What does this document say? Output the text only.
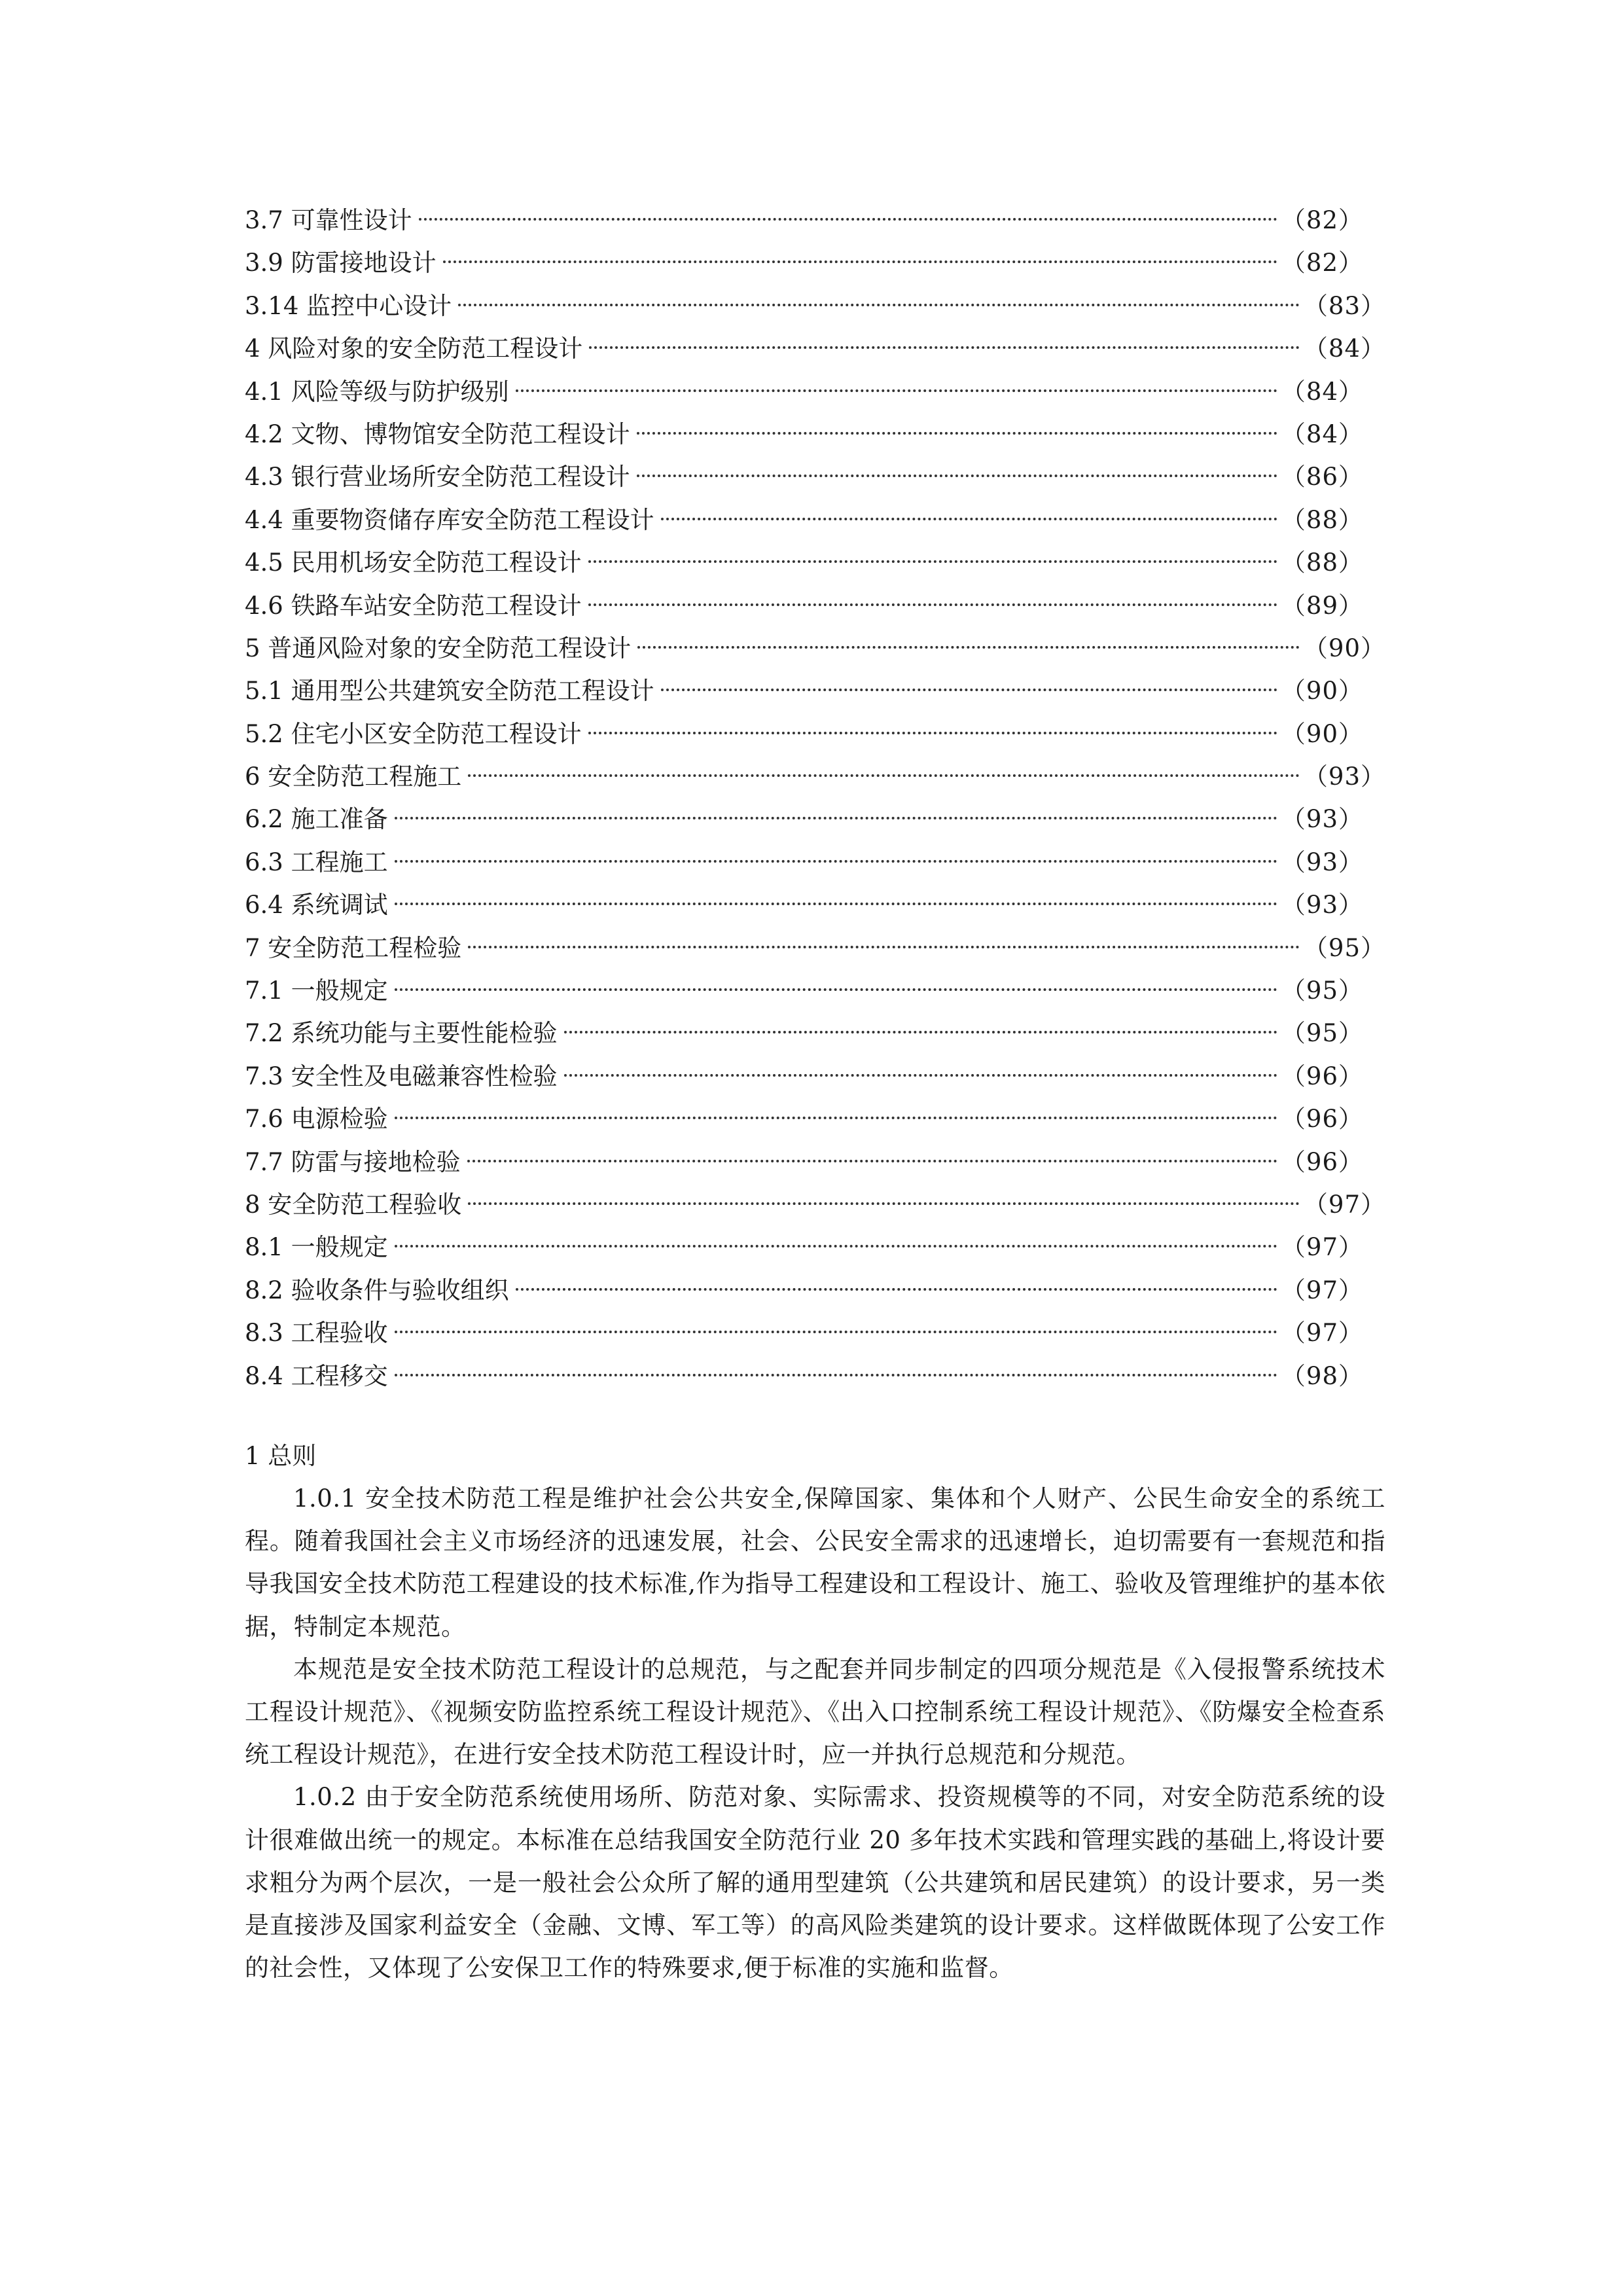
3.7 可靠性设计	（82）
3.9 防雷接地设计	（82）
3.14 监控中心设计	（83）
4 风险对象的安全防范工程设计	（84）
4.1 风险等级与防护级别	（84）
4.2 文物、博物馆安全防范工程设计	（84）
4.3 银行营业场所安全防范工程设计	（86）
4.4 重要物资储存库安全防范工程设计	（88）
4.5 民用机场安全防范工程设计	（88）
4.6 铁路车站安全防范工程设计	（89）
5 普通风险对象的安全防范工程设计	（90）
5.1 通用型公共建筑安全防范工程设计	（90）
5.2 住宅小区安全防范工程设计	（90）
6 安全防范工程施工	（93）
6.2 施工准备	（93）
6.3 工程施工	（93）
6.4 系统调试	（93）
7 安全防范工程检验	（95）
7.1 一般规定	（95）
7.2 系统功能与主要性能检验	（95）
7.3 安全性及电磁兼容性检验	（96）
7.6 电源检验	（96）
7.7 防雷与接地检验	（96）
8 安全防范工程验收	（97）
8.1 一般规定	（97）
8.2 验收条件与验收组织	（97）
8.3 工程验收	（97）
8.4 工程移交	（98）
1 总则

1.0.1 安全技术防范工程是维护社会公共安全,保障国家、集体和个人财产、公民生命安全的系统工程。随着我国社会主义市场经济的迅速发展，社会、公民安全需求的迅速增长，迫切需要有一套规范和指导我国安全技术防范工程建设的技术标准,作为指导工程建设和工程设计、施工、验收及管理维护的基本依据，特制定本规范。

本规范是安全技术防范工程设计的总规范，与之配套并同步制定的四项分规范是《入侵报警系统技术工程设计规范》、《视频安防监控系统工程设计规范》、《出入口控制系统工程设计规范》、《防爆安全检查系统工程设计规范》，在进行安全技术防范工程设计时，应一并执行总规范和分规范。

1.0.2 由于安全防范系统使用场所、防范对象、实际需求、投资规模等的不同，对安全防范系统的设计很难做出统一的规定。本标准在总结我国安全防范行业 20 多年技术实践和管理实践的基础上,将设计要求粗分为两个层次，一是一般社会公众所了解的通用型建筑（公共建筑和居民建筑）的设计要求，另一类是直接涉及国家利益安全（金融、文博、军工等）的高风险类建筑的设计要求。这样做既体现了公安工作的社会性，又体现了公安保卫工作的特殊要求,便于标准的实施和监督。
